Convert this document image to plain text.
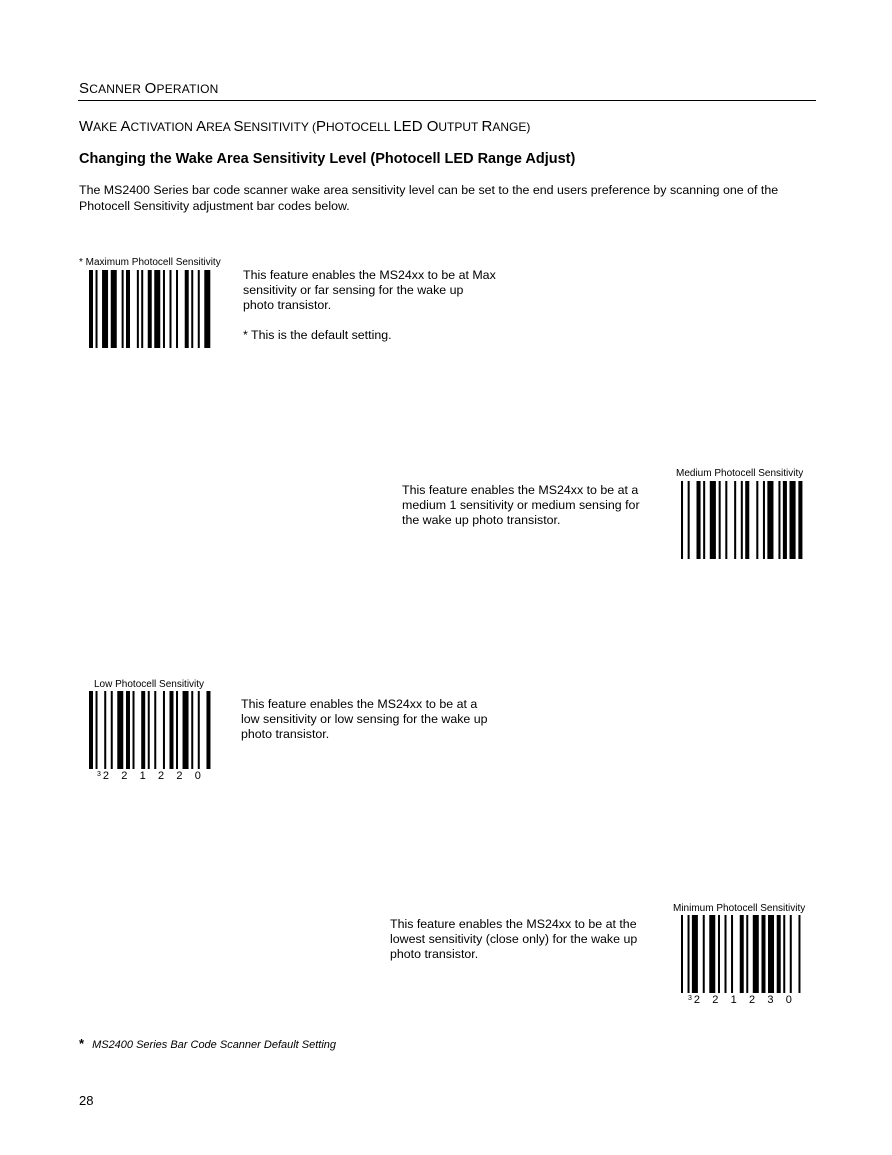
SCANNER OPERATION
WAKE ACTIVATION AREA SENSITIVITY (PHOTOCELL LED OUTPUT RANGE)
Changing the Wake Area Sensitivity Level (Photocell LED Range Adjust)
The MS2400 Series bar code scanner wake area sensitivity level can be set to the end users preference by scanning one of the Photocell Sensitivity adjustment bar codes below.
* Maximum Photocell Sensitivity

This feature enables the MS24xx to be at Max

sensitivity or far sensing for the wake up

photo transistor.

* This is the default setting.

This feature enables the MS24xx to be at a

medium 1 sensitivity or medium sensing for

the wake up photo transistor.

Medium Photocell Sensitivity
Low Photocell Sensitivity
$^3$ 2 2 1 2 2 0

This feature enables the MS24xx to be at a

low sensitivity or low sensing for the wake up

photo transistor.

This feature enables the MS24xx to be at the

lowest sensitivity (close only) for the wake up

photo transistor.

Minimum Photocell Sensitivity
$^3$ 2 2 1 2 3 0
* MS2400 Series Bar Code Scanner Default Setting
28
